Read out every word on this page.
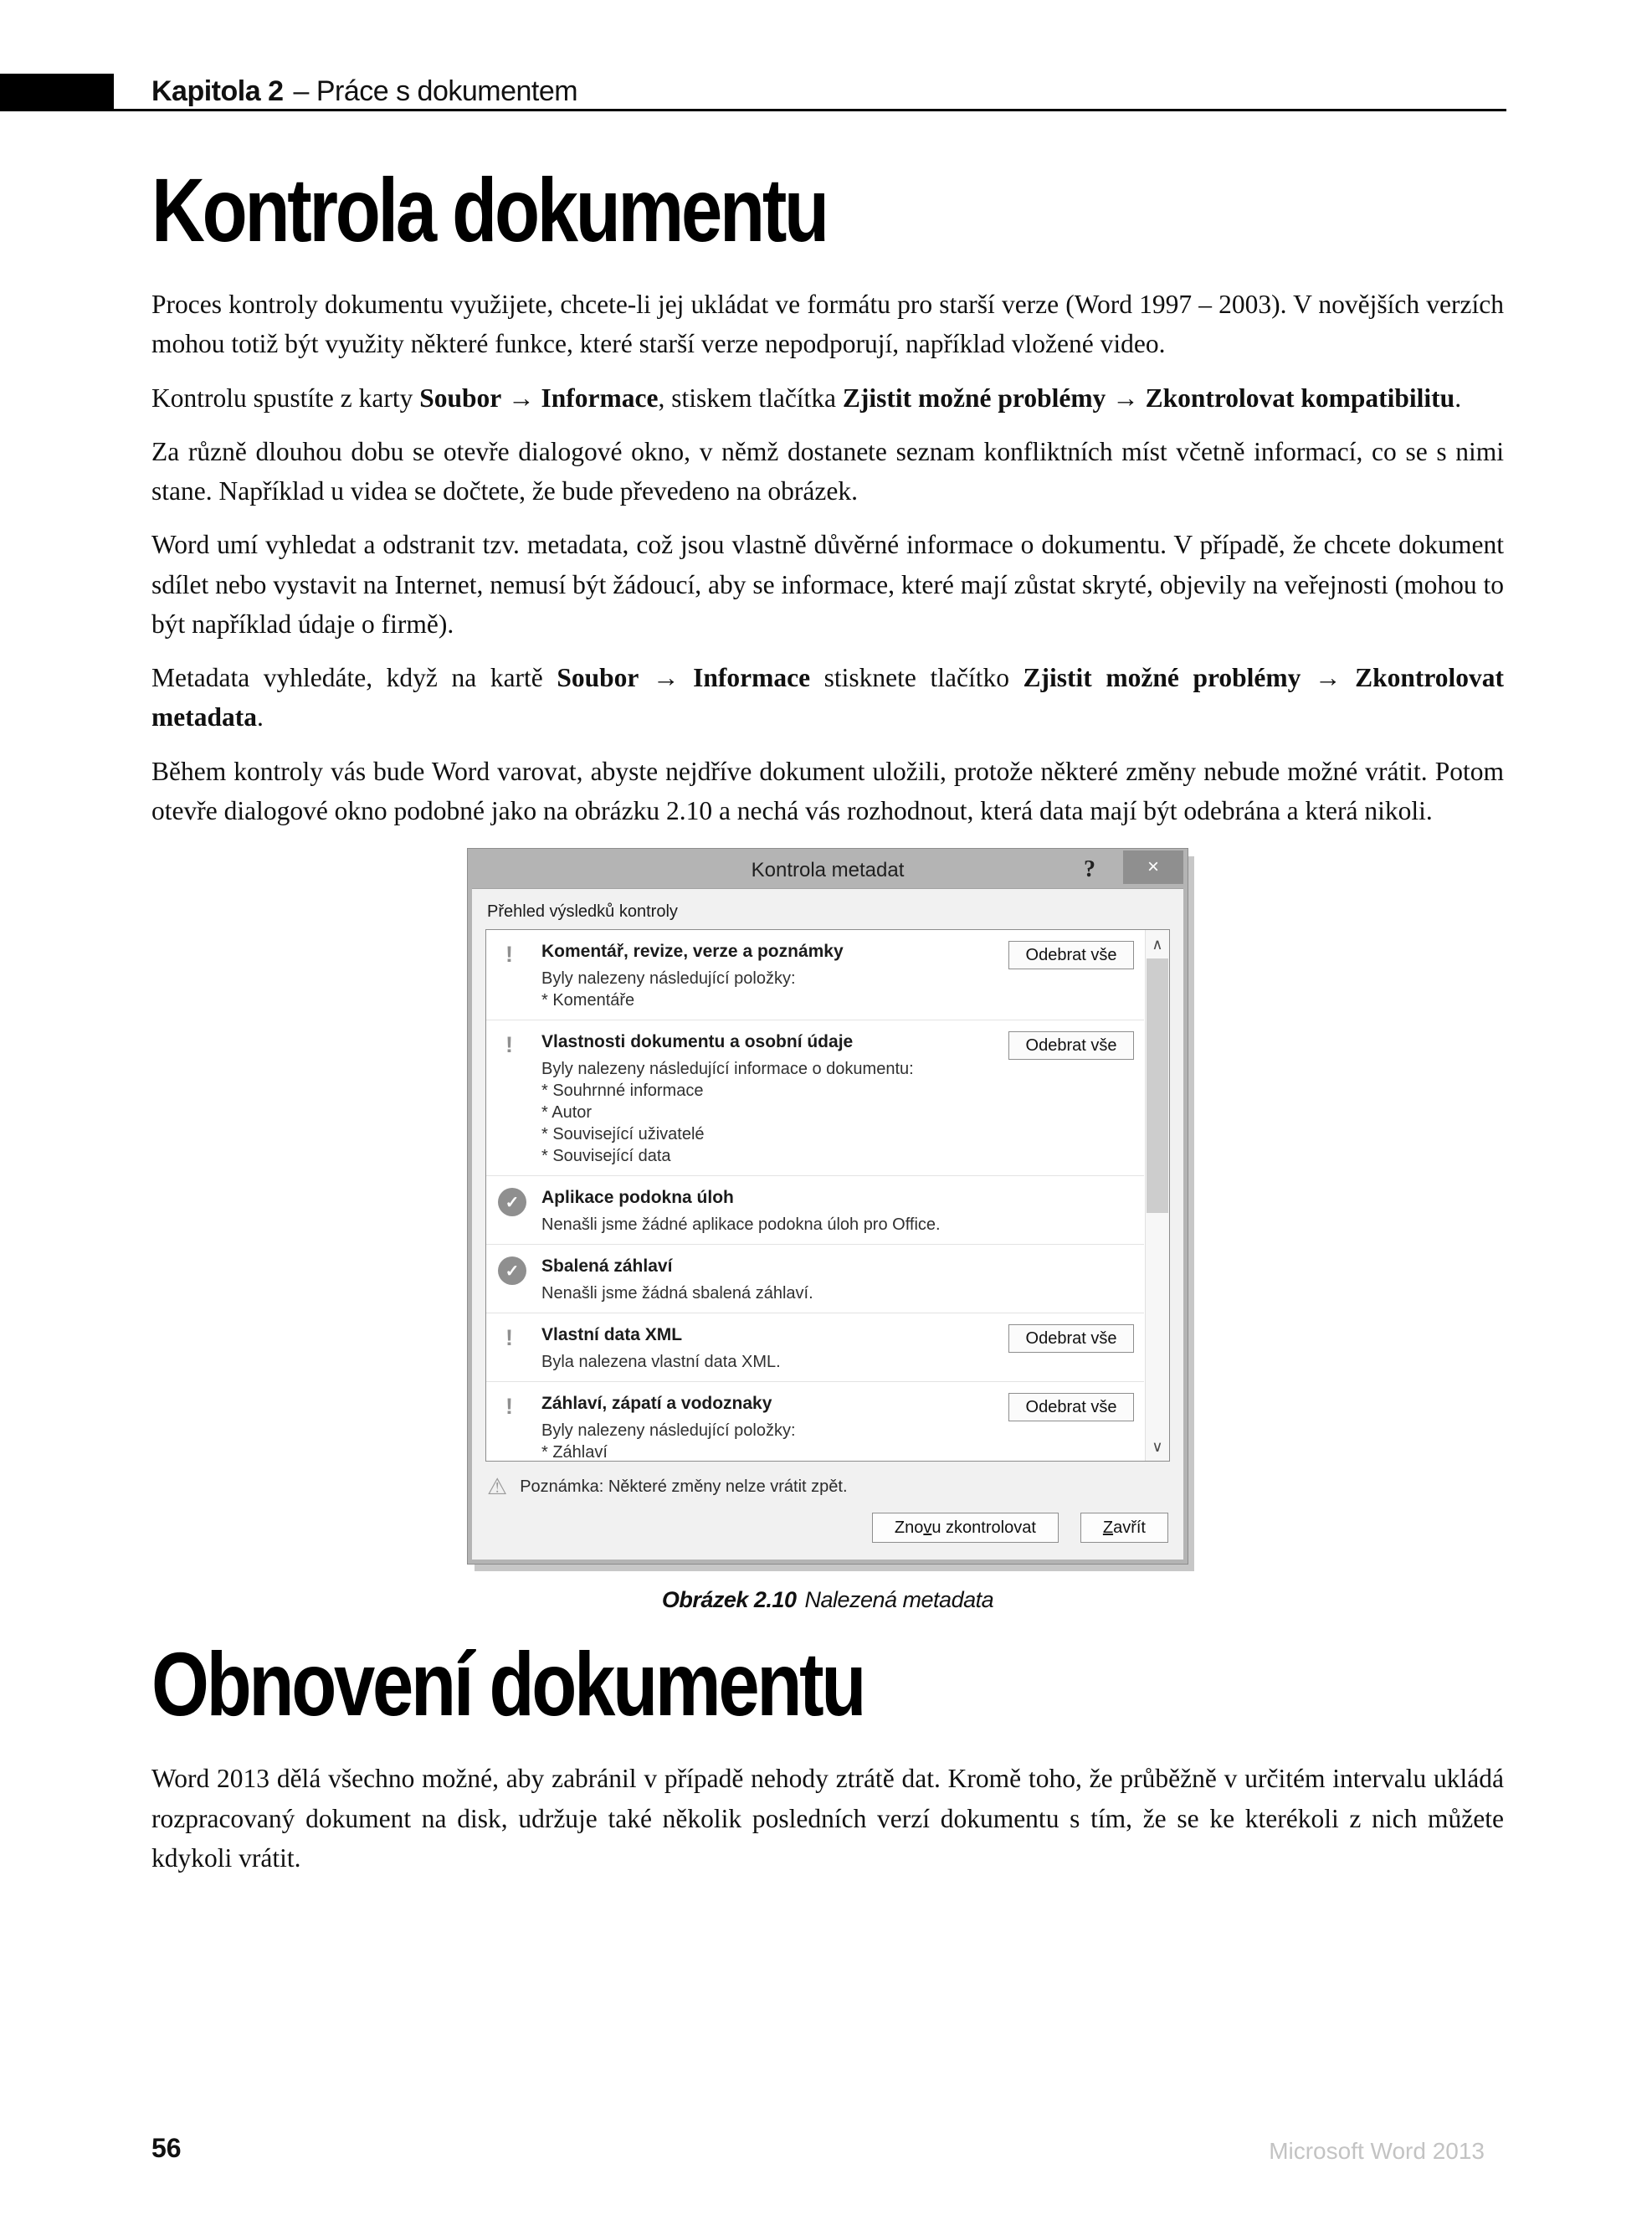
Kapitola 2 – Práce s dokumentem
Kontrola dokumentu

Proces kontroly dokumentu využijete, chcete-li jej ukládat ve formátu pro starší verze (Word 1997 – 2003). V novějších verzích mohou totiž být využity některé funkce, které starší verze nepodporují, například vložené video.

Kontrolu spustíte z karty Soubor → Informace, stiskem tlačítka Zjistit možné problémy → Zkontrolovat kompatibilitu.

Za různě dlouhou dobu se otevře dialogové okno, v němž dostanete seznam konfliktních míst včetně informací, co se s nimi stane. Například u videa se dočtete, že bude převedeno na obrázek.

Word umí vyhledat a odstranit tzv. metadata, což jsou vlastně důvěrné informace o dokumentu. V případě, že chcete dokument sdílet nebo vystavit na Internet, nemusí být žádoucí, aby se informace, které mají zůstat skryté, objevily na veřejnosti (mohou to být například údaje o firmě).

Metadata vyhledáte, když na kartě Soubor → Informace stisknete tlačítko Zjistit možné problémy → Zkontrolovat metadata.

Během kontroly vás bude Word varovat, abyste nejdříve dokument uložili, protože některé změny nebude možné vrátit. Potom otevře dialogové okno podobné jako na obrázku 2.10 a nechá vás rozhodnout, která data mají být odebrána a která nikoli.

Kontrola metadat	?	×
Přehled výsledků kontroly
!	Komentář, revize, verze a poznámky
Byly nalezeny následující položky:
* Komentáře
Odebrat vše
!	Vlastnosti dokumentu a osobní údaje
Byly nalezeny následující informace o dokumentu:
* Souhrnné informace
* Autor
* Související uživatelé
* Související data
Odebrat vše
✓	Aplikace podokna úloh
Nenašli jsme žádné aplikace podokna úloh pro Office.
✓	Sbalená záhlaví
Nenašli jsme žádná sbalená záhlaví.
!	Vlastní data XML
Byla nalezena vlastní data XML.
Odebrat vše
!	Záhlaví, zápatí a vodoznaky
Byly nalezeny následující položky:
* Záhlaví
Odebrat vše
∧
∨
⚠ Poznámka: Některé změny nelze vrátit zpět.
Znovu zkontrolovat	Zavřít
Obrázek 2.10 Nalezená metadata
Obnovení dokumentu

Word 2013 dělá všechno možné, aby zabránil v případě nehody ztrátě dat. Kromě toho, že průběžně v určitém intervalu ukládá rozpracovaný dokument na disk, udržuje také několik posledních verzí dokumentu s tím, že se ke kterékoli z nich můžete kdykoli vrátit.

56	Microsoft Word 2013
